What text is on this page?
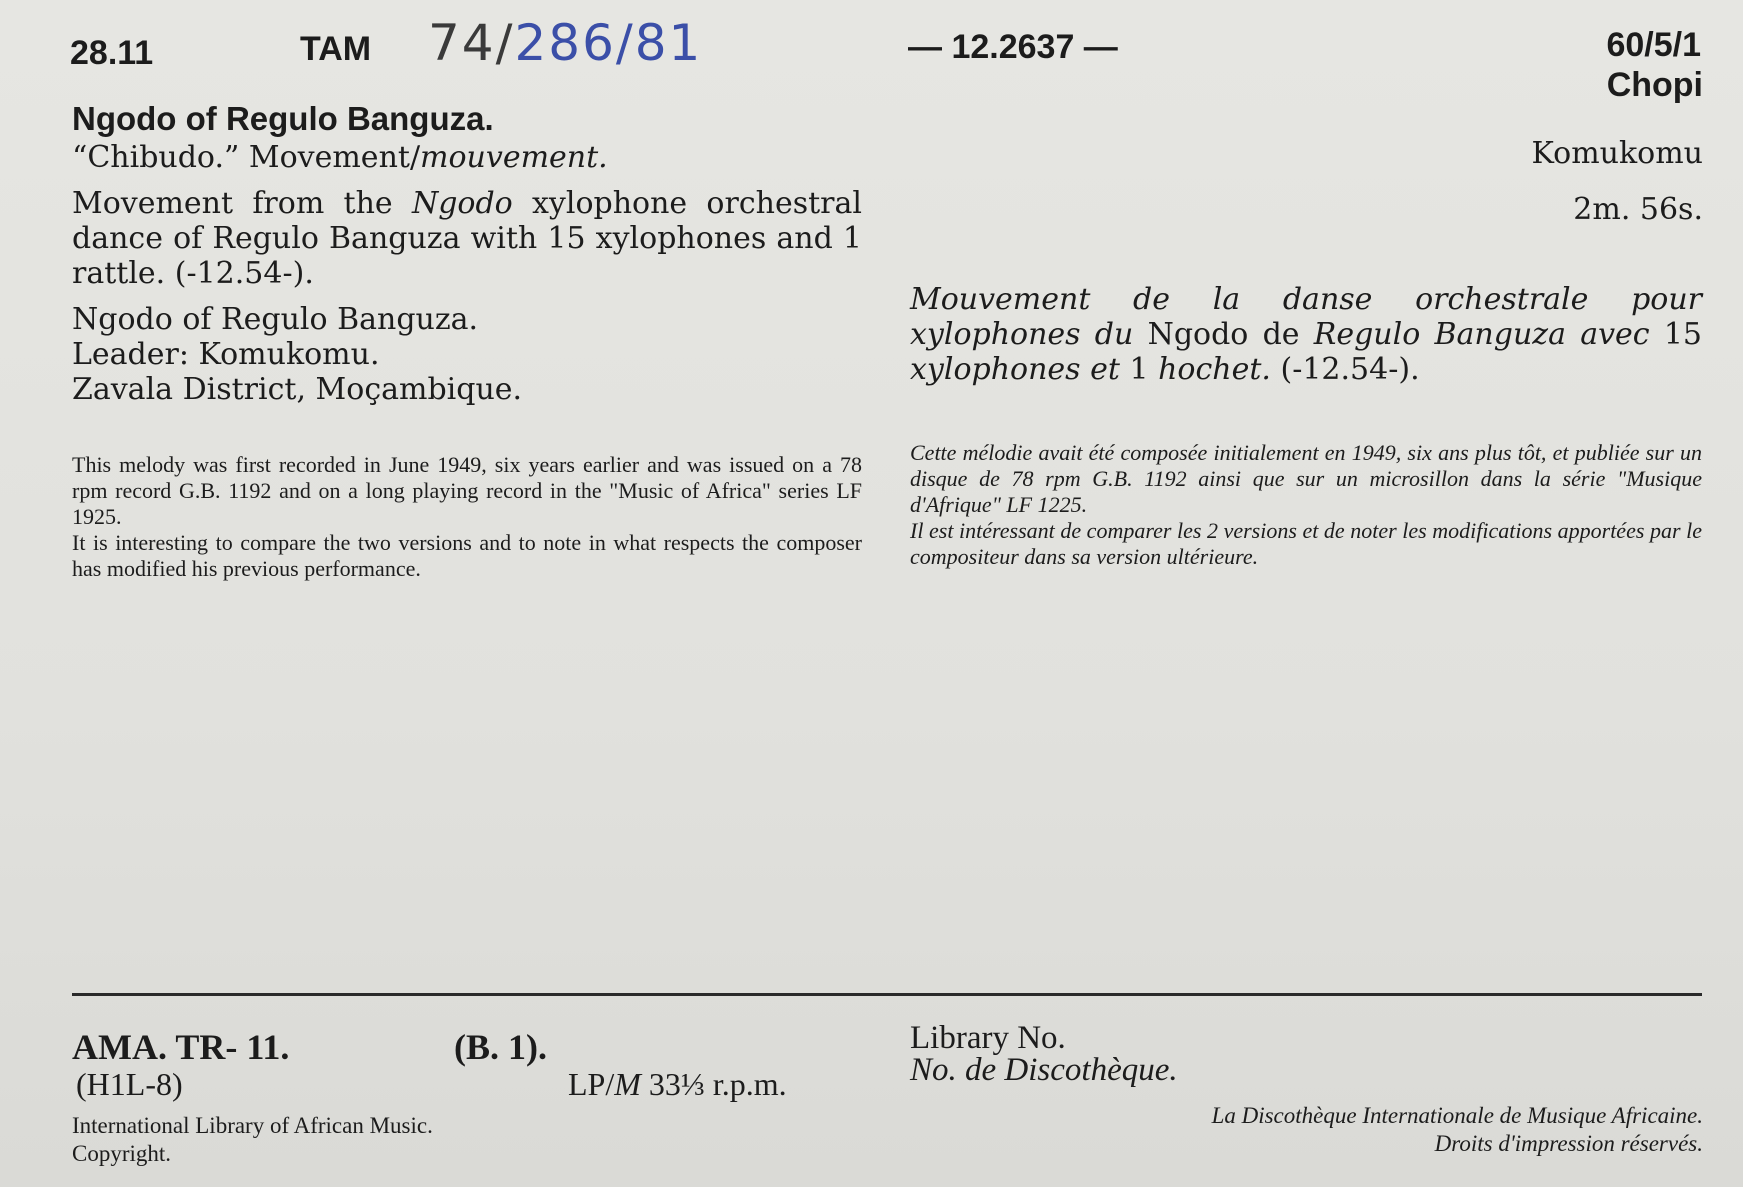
28.11	TAM 74/286/81	— 12.2637 —	60/5/1
Chopi
Ngodo of Regulo Banguza.
“Chibudo.” Movement/mouvement.
Movement from the Ngodo xylophone orchestral dance of Regulo Banguza with 15 xylophones and 1 rattle. (-12.54-).

Ngodo of Regulo Banguza.

Leader: Komukomu.

Zavala District, Moçambique.

This melody was first recorded in June 1949, six years earlier and was issued on a 78 rpm record G.B. 1192 and on a long playing record in the "Music of Africa" series LF 1925.

It is interesting to compare the two versions and to note in what respects the composer has modified his previous performance.

Komukomu
2m. 56s.
Mouvement de la danse orchestrale pour xylophones du Ngodo de Regulo Banguza avec 15 xylophones et 1 hochet. (-12.54-).

Cette mélodie avait été composée initialement en 1949, six ans plus tôt, et publiée sur un disque de 78 rpm G.B. 1192 ainsi que sur un microsillon dans la série "Musique d'Afrique" LF 1225.

Il est intéressant de comparer les 2 versions et de noter les modifications apportées par le compositeur dans sa version ultérieure.

AMA. TR- 11.	(B. 1).
(H1L-8)	LP/M 33⅓ r.p.m.

International Library of African Music.

Copyright.

Library No.
No. de Discothèque.

La Discothèque Internationale de Musique Africaine.

Droits d'impression réservés.
